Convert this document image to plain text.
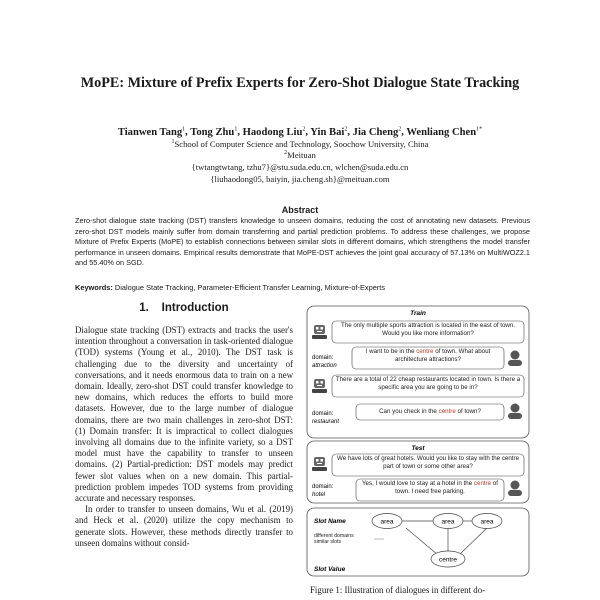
MoPE: Mixture of Prefix Experts for Zero-Shot Dialogue State Tracking
Tianwen Tang$^1$, Tong Zhu$^1$, Haodong Liu$^2$, Yin Bai$^2$, Jia Cheng$^2$, Wenliang Chen$^{1*}$
$^1$School of Computer Science and Technology, Soochow University, China
$^2$Meituan
{twtangtwtang, tzhu7}@stu.suda.edu.cn, wlchen@suda.edu.cn
{liuhaodong05, baiyin, jia.cheng.sh}@meituan.com
Abstract
Zero-shot dialogue state tracking (DST) transfers knowledge to unseen domains, reducing the cost of annotating new datasets. Previous zero-shot DST models mainly suffer from domain transferring and partial prediction problems. To address these challenges, we propose Mixture of Prefix Experts (MoPE) to establish connections between similar slots in different domains, which strengthens the model transfer performance in unseen domains. Empirical results demonstrate that MoPE-DST achieves the joint goal accuracy of 57.13% on MultiWOZ2.1 and 55.40% on SGD.
Keywords: Dialogue State Tracking, Parameter-Efficient Transfer Learning, Mixture-of-Experts
1. Introduction

Dialogue state tracking (DST) extracts and tracks the user's intention throughout a conversation in task-oriented dialogue (TOD) systems (Young et al., 2010). The DST task is challenging due to the diversity and uncertainty of conversations, and it needs enormous data to train on a new domain. Ideally, zero-shot DST could transfer knowledge to new domains, which reduces the efforts to build more datasets. However, due to the large number of dialogue domains, there are two main challenges in zero-shot DST: (1) Domain transfer: It is impractical to collect dialogues involving all domains due to the infinite variety, so a DST model must have the capability to transfer to unseen domains. (2) Partial-prediction: DST models may predict fewer slot values when on a new domain. This partial-prediction problem impedes TOD systems from providing accurate and necessary responses.

In order to transfer to unseen domains, Wu et al. (2019) and Heck et al. (2020) utilize the copy mechanism to generate slots. However, these methods directly transfer to unseen domains without consid-

Train
The only multiple sports attraction is located in the east of town. Would you like more information?
domain:
attraction
I want to be in the centre of town. What about architecture attractions?
There are a total of 22 cheap restaurants located in town. Is there a specific area you are going to be in?
domain:
restaurant
Can you check in the centre of town?
Test
We have lots of great hotels. Would you like to stay with the centre part of town or some other area?
domain:
hotel
Yes, I would love to stay at a hotel in the centre of town. I need free parking.
Slot Name
Slot Value
different domains similar slots
area	area	area
centre
Figure 1: Illustration of dialogues in different do-
